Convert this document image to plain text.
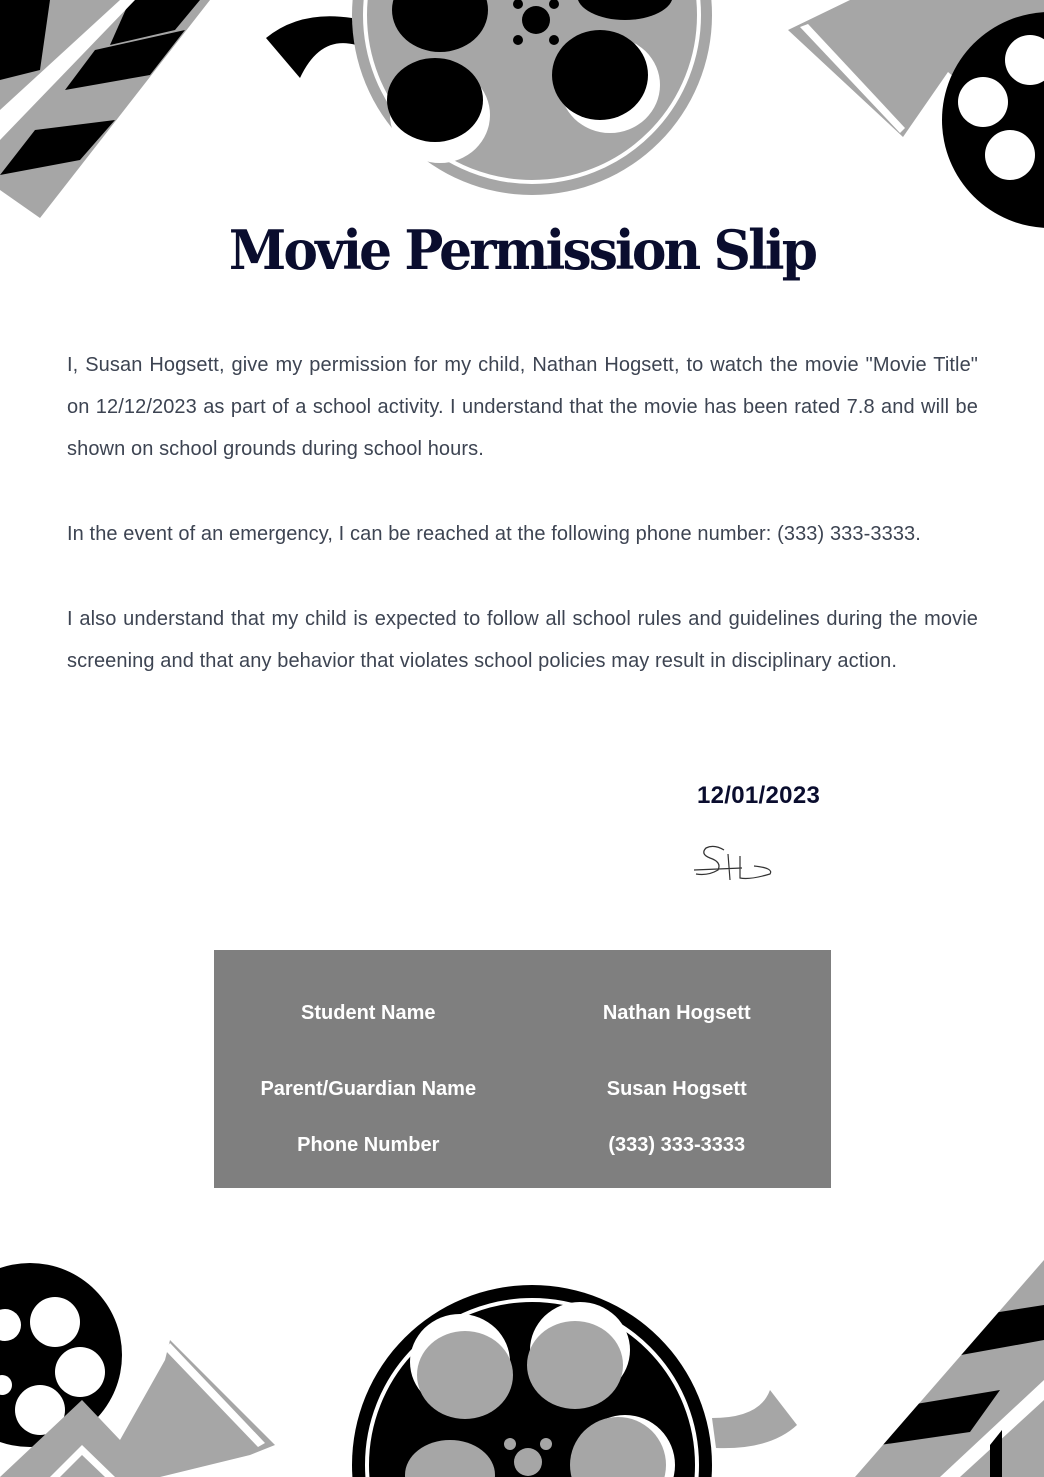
Movie Permission Slip

I, Susan Hogsett, give my permission for my child, Nathan Hogsett, to watch the movie "Movie Title" on 12/12/2023 as part of a school activity. I understand that the movie has been rated 7.8 and will be shown on school grounds during school hours.

In the event of an emergency, I can be reached at the following phone number: (333) 333-3333.

I also understand that my child is expected to follow all school rules and guidelines during the movie screening and that any behavior that violates school policies may result in disciplinary action.

12/01/2023
Student Name	Nathan Hogsett
Parent/Guardian Name	Susan Hogsett
Phone Number	(333) 333-3333
